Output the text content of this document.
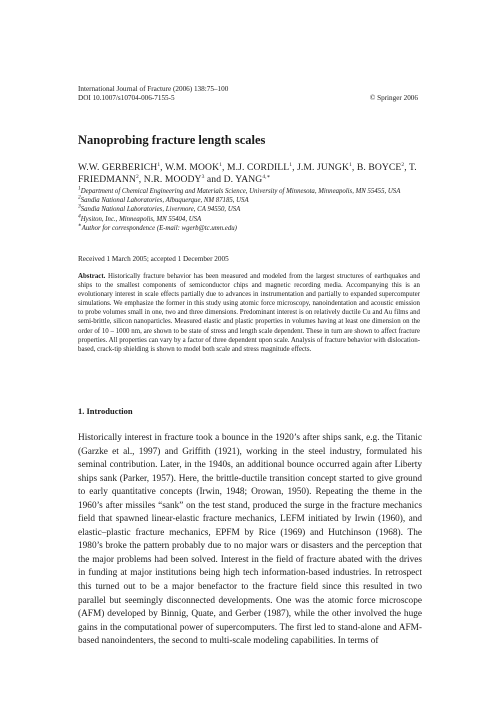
International Journal of Fracture (2006) 138:75–100
DOI 10.1007/s10704-006-7155-5	© Springer 2006
Nanoprobing fracture length scales
W.W. GERBERICH$^1$, W.M. MOOK$^1$, M.J. CORDILL$^1$, J.M. JUNGK$^1$, B. BOYCE$^2$, T. FRIEDMANN$^2$, N.R. MOODY$^3$ and D. $YANG^{4,∗}$
$^1$Department of Chemical Engineering and Materials Science, University of Minnesota, Minneapolis, MN 55455, USA
$^2$Sandia National Laboratories, Albuquerque, NM 87185, USA
$^3$Sandia National Laboratories, Livermore, CA 94550, USA
$^4$Hysiton, Inc., Minneapolis, MN 55404, USA
∗Author for correspondence (E-mail: wgerb@tc.umn.edu)
Received 1 March 2005; accepted 1 December 2005
Abstract. Historically fracture behavior has been measured and modeled from the largest structures of earthquakes and ships to the smallest components of semiconductor chips and magnetic recording media. Accompanying this is an evolutionary interest in scale effects partially due to advances in instrumentation and partially to expanded supercomputer simulations. We emphasize the former in this study using atomic force microscopy, nanoindentation and acoustic emission to probe volumes small in one, two and three dimensions. Predominant interest is on relatively ductile Cu and Au films and semi-brittle, silicon nanoparticles. Measured elastic and plastic properties in volumes having at least one dimension on the order of 10 – 1000 nm, are shown to be state of stress and length scale dependent. These in turn are shown to affect fracture properties. All properties can vary by a factor of three dependent upon scale. Analysis of fracture behavior with dislocation-based, crack-tip shielding is shown to model both scale and stress magnitude effects.
1. Introduction
Historically interest in fracture took a bounce in the 1920’s after ships sank, e.g. the Titanic (Garzke et al., 1997) and Griffith (1921), working in the steel industry, formulated his seminal contribution. Later, in the 1940s, an additional bounce occurred again after Liberty ships sank (Parker, 1957). Here, the brittle-ductile transition concept started to give ground to early quantitative concepts (Irwin, 1948; Orowan, 1950). Repeating the theme in the 1960’s after missiles “sank” on the test stand, produced the surge in the fracture mechanics field that spawned linear-elastic fracture mechanics, LEFM initiated by Irwin (1960), and elastic–plastic fracture mechanics, EPFM by Rice (1969) and Hutchinson (1968). The 1980’s broke the pattern probably due to no major wars or disasters and the perception that the major problems had been solved. Interest in the field of fracture abated with the drives in funding at major institutions being high tech information-based industries. In retrospect this turned out to be a major benefactor to the fracture field since this resulted in two parallel but seemingly disconnected developments. One was the atomic force microscope (AFM) developed by Binnig, Quate, and Gerber (1987), while the other involved the huge gains in the computational power of supercomputers. The first led to stand-alone and AFM-based nanoindenters, the second to multi-scale modeling capabilities. In terms of
